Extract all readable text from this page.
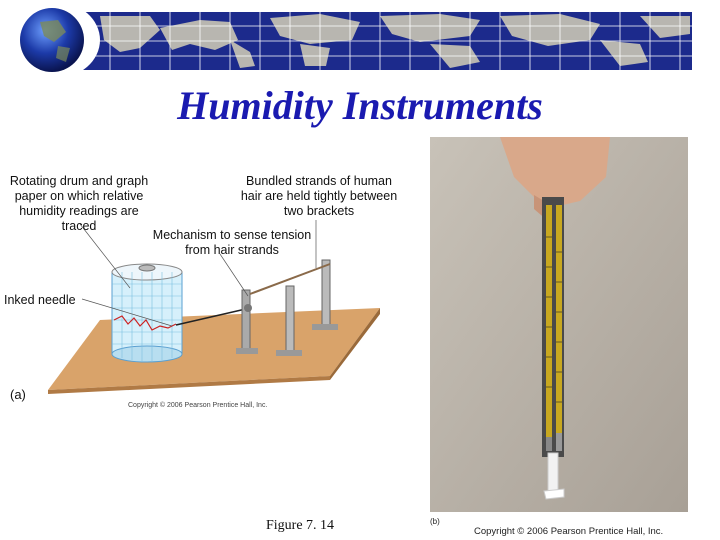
Humidity Instruments
Rotating drum and graph paper on which relative humidity readings are traced
Bundled strands of human hair are held tightly between two brackets
Mechanism to sense tension from hair strands
Inked needle
(a)
Copyright © 2006 Pearson Prentice Hall, Inc.
(b)
Copyright © 2006 Pearson Prentice Hall, Inc.
Figure 7. 14
